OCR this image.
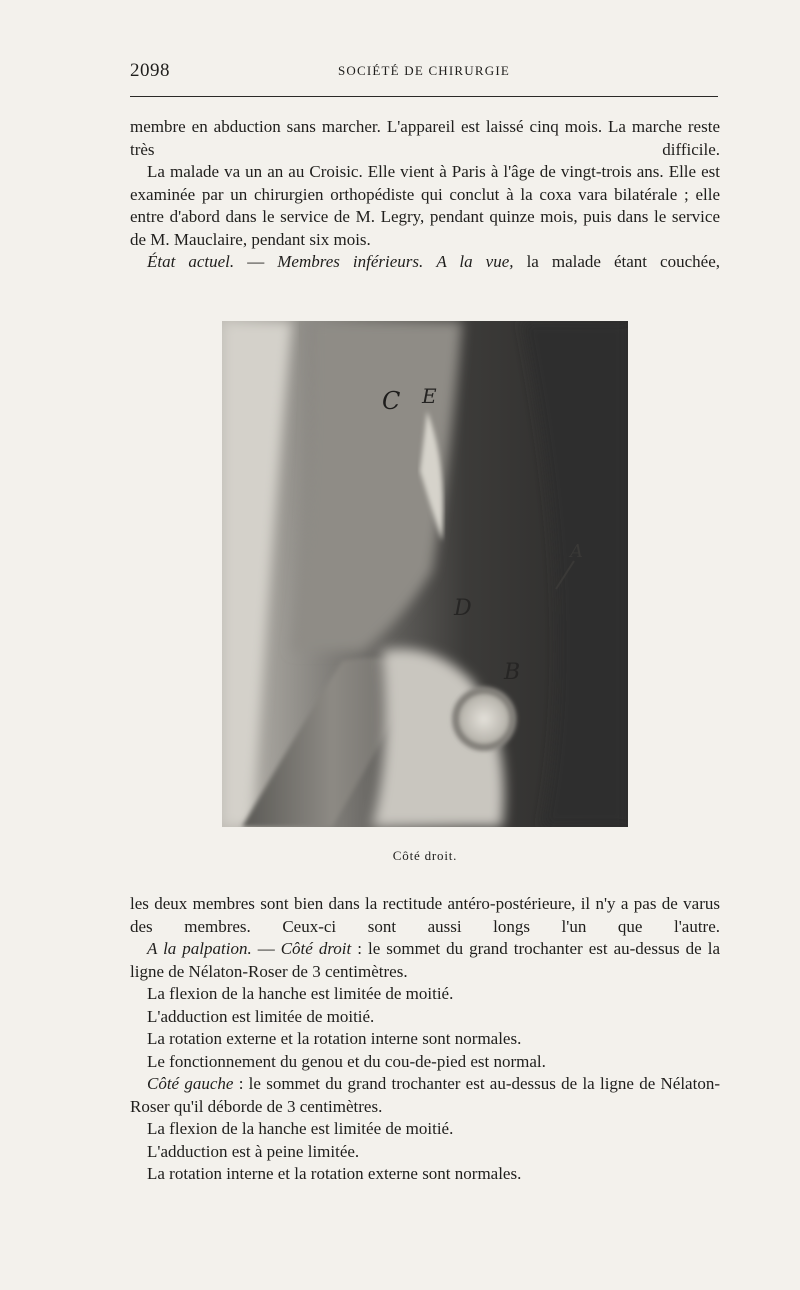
2098	SOCIÉTÉ DE CHIRURGIE

membre en abduction sans marcher. L'appareil est laissé cinq mois. La marche reste très difficile.

La malade va un an au Croisic. Elle vient à Paris à l'âge de vingt-trois ans. Elle est examinée par un chirurgien orthopédiste qui conclut à la coxa vara bilatérale ; elle entre d'abord dans le service de M. Legry, pendant quinze mois, puis dans le service de M. Mauclaire, pendant six mois.

État actuel. — Membres inférieurs. A la vue, la malade étant couchée,

C E
A
D
B
Côté droit.

les deux membres sont bien dans la rectitude antéro-postérieure, il n'y a pas de varus des membres. Ceux-ci sont aussi longs l'un que l'autre.

A la palpation. — Côté droit : le sommet du grand trochanter est au-dessus de la ligne de Nélaton-Roser de 3 centimètres.

La flexion de la hanche est limitée de moitié.

L'adduction est limitée de moitié.

La rotation externe et la rotation interne sont normales.

Le fonctionnement du genou et du cou-de-pied est normal.

Côté gauche : le sommet du grand trochanter est au-dessus de la ligne de Nélaton-Roser qu'il déborde de 3 centimètres.

La flexion de la hanche est limitée de moitié.

L'adduction est à peine limitée.

La rotation interne et la rotation externe sont normales.
